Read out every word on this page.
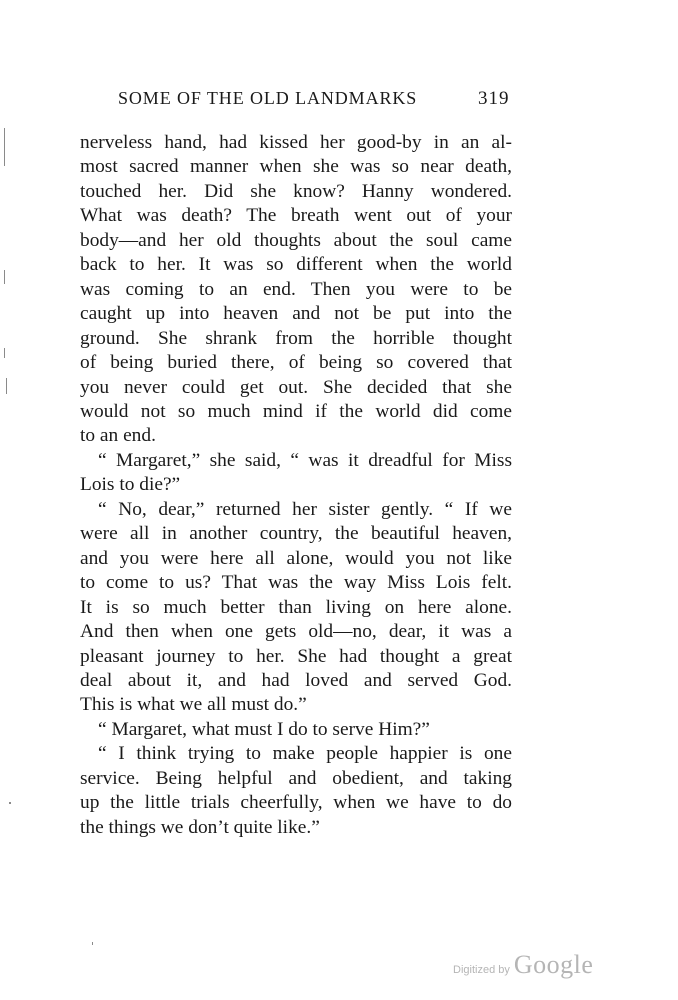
SOME OF THE OLD LANDMARKS	319
nerveless hand, had kissed her good-by in an al-
most sacred manner when she was so near death,
touched her. Did she know? Hanny wondered.
What was death? The breath went out of your
body—and her old thoughts about the soul came
back to her. It was so different when the world
was coming to an end. Then you were to be
caught up into heaven and not be put into the
ground. She shrank from the horrible thought
of being buried there, of being so covered that
you never could get out. She decided that she
would not so much mind if the world did come
to an end.
“ Margaret,” she said, “ was it dreadful for Miss
Lois to die?”
“ No, dear,” returned her sister gently. “ If we
were all in another country, the beautiful heaven,
and you were here all alone, would you not like
to come to us? That was the way Miss Lois felt.
It is so much better than living on here alone.
And then when one gets old—no, dear, it was a
pleasant journey to her. She had thought a great
deal about it, and had loved and served God.
This is what we all must do.”
“ Margaret, what must I do to serve Him?”
“ I think trying to make people happier is one
service. Being helpful and obedient, and taking
up the little trials cheerfully, when we have to do
the things we don’t quite like.”
Digitized by Google
